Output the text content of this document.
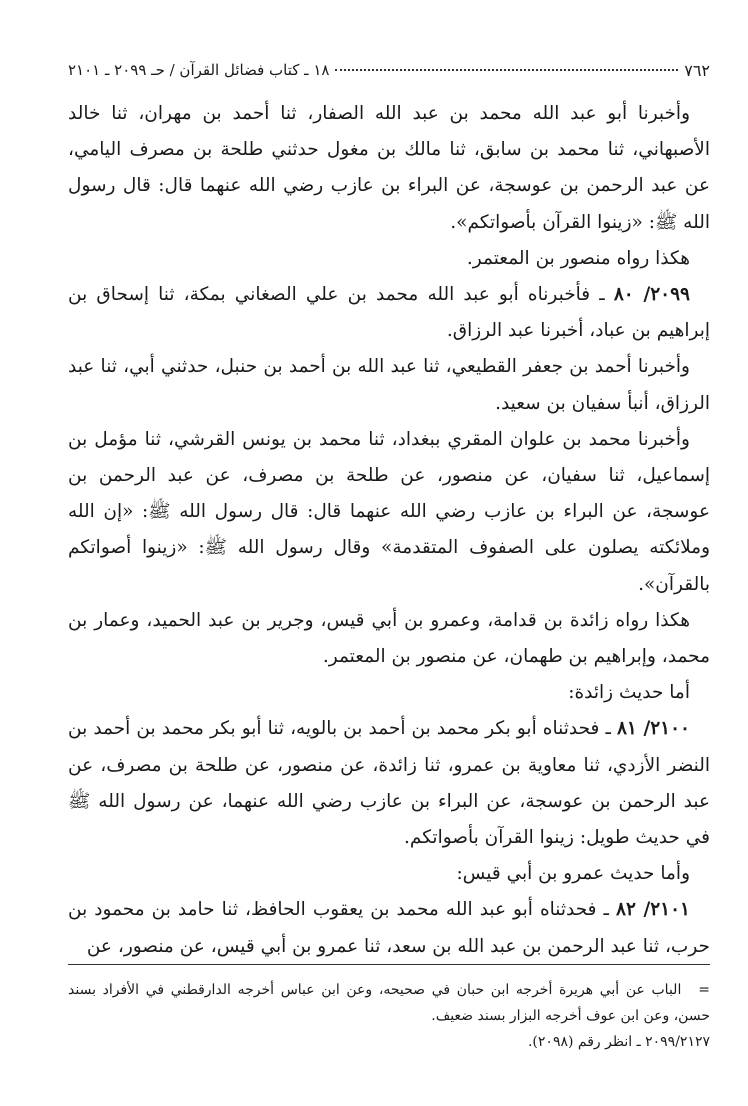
٧٦٢
١٨ ـ كتاب فضائل القرآن / حـ ٢٠٩٩ ـ ٢١٠١

وأخبرنا أبو عبد الله محمد بن عبد الله الصفار، ثنا أحمد بن مهران، ثنا خالد الأصبهاني، ثنا محمد بن سابق، ثنا مالك بن مغول حدثني طلحة بن مصرف اليامي، عن عبد الرحمن بن عوسجة، عن البراء بن عازب رضي الله عنهما قال: قال رسول الله ﷺ: «زينوا القرآن بأصواتكم».

هكذا رواه منصور بن المعتمر.

٢٠٩٩/ ٨٠ ـ فأخبرناه أبو عبد الله محمد بن علي الصغاني بمكة، ثنا إسحاق بن إبراهيم بن عباد، أخبرنا عبد الرزاق.

وأخبرنا أحمد بن جعفر القطيعي، ثنا عبد الله بن أحمد بن حنبل، حدثني أبي، ثنا عبد الرزاق، أنبأ سفيان بن سعيد.

وأخبرنا محمد بن علوان المقري ببغداد، ثنا محمد بن يونس القرشي، ثنا مؤمل بن إسماعيل، ثنا سفيان، عن منصور، عن طلحة بن مصرف، عن عبد الرحمن بن عوسجة، عن البراء بن عازب رضي الله عنهما قال: قال رسول الله ﷺ: «إن الله وملائكته يصلون على الصفوف المتقدمة» وقال رسول الله ﷺ: «زينوا أصواتكم بالقرآن».

هكذا رواه زائدة بن قدامة، وعمرو بن أبي قيس، وجرير بن عبد الحميد، وعمار بن محمد، وإبراهيم بن طهمان، عن منصور بن المعتمر.

أما حديث زائدة:

٢١٠٠/ ٨١ ـ فحدثناه أبو بكر محمد بن أحمد بن بالويه، ثنا أبو بكر محمد بن أحمد بن النضر الأزدي، ثنا معاوية بن عمرو، ثنا زائدة، عن منصور، عن طلحة بن مصرف، عن عبد الرحمن بن عوسجة، عن البراء بن عازب رضي الله عنهما، عن رسول الله ﷺ في حديث طويل: زينوا القرآن بأصواتكم.

وأما حديث عمرو بن أبي قيس:

٢١٠١/ ٨٢ ـ فحدثناه أبو عبد الله محمد بن يعقوب الحافظ، ثنا حامد بن محمود بن حرب، ثنا عبد الرحمن بن عبد الله بن سعد، ثنا عمرو بن أبي قيس، عن منصور، عن

= الباب عن أبي هريرة أخرجه ابن حبان في صحيحه، وعن ابن عباس أخرجه الدارقطني في الأفراد بسند حسن، وعن ابن عوف أخرجه البزار بسند ضعيف.

٢٠٩٩/٢١٢٧ ـ انظر رقم (٢٠٩٨).
